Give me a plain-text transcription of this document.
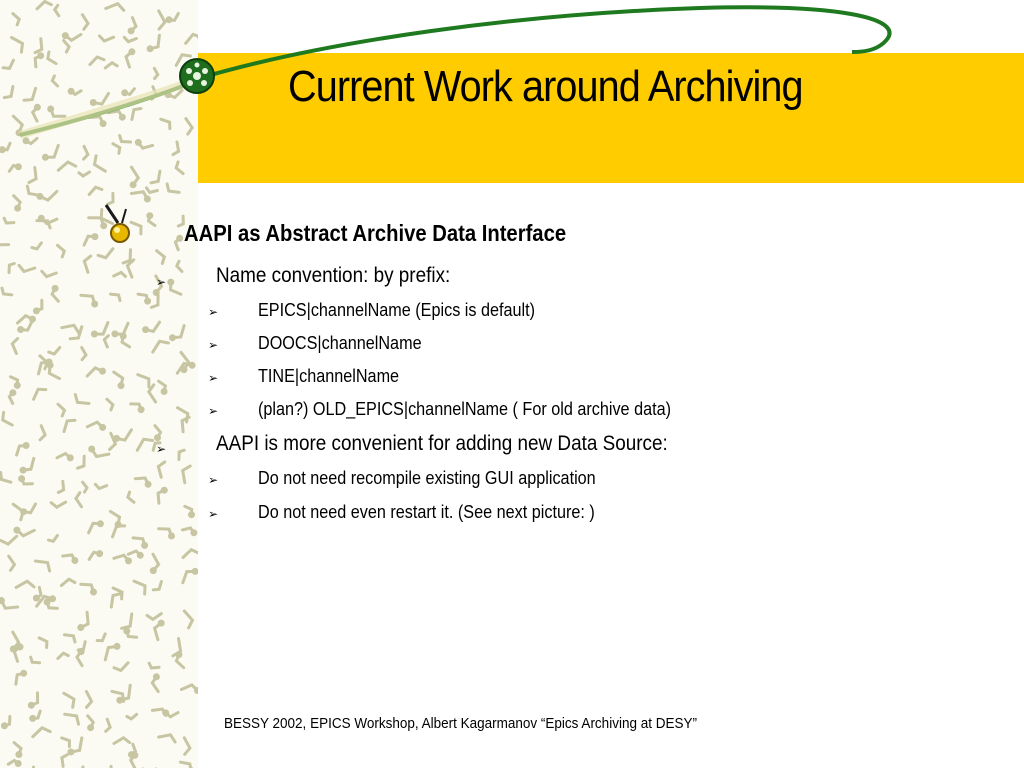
Current Work around Archiving
AAPI as Abstract Archive Data Interface
➢ Name convention: by prefix:
➢ EPICS|channelName (Epics is default)
➢ DOOCS|channelName
➢ TINE|channelName
➢ (plan?) OLD_EPICS|channelName ( For old archive data)
➢ AAPI is more convenient for adding new Data Source:
➢ Do not need recompile existing GUI application
➢ Do not need even restart it. (See next picture: )
BESSY 2002, EPICS Workshop, Albert Kagarmanov “Epics Archiving at DESY”
